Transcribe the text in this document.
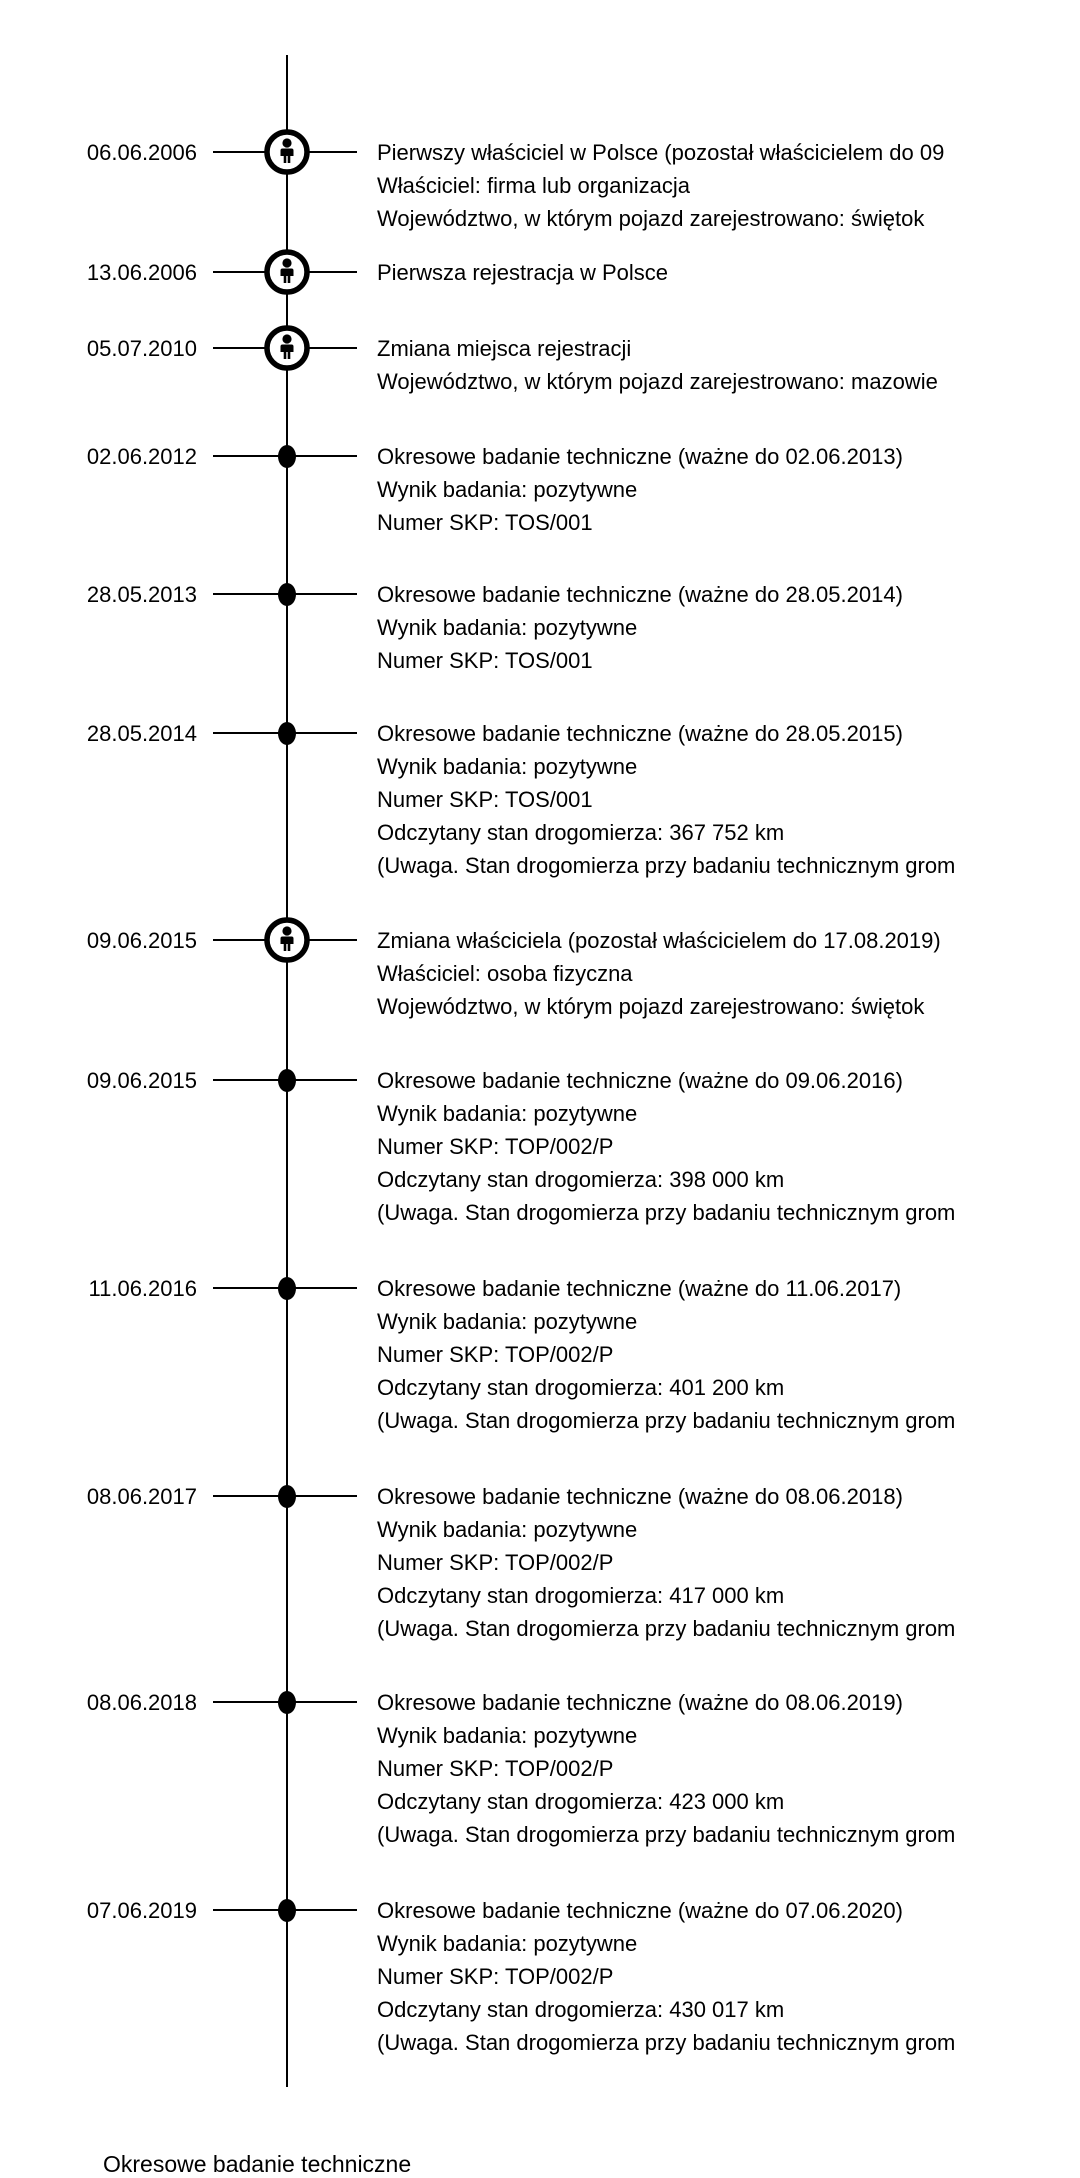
06.06.2006	Pierwszy właściciel w Polsce (pozostał właścicielem do 09
Właściciel: firma lub organizacja
Województwo, w którym pojazd zarejestrowano: świętok
13.06.2006	Pierwsza rejestracja w Polsce
05.07.2010	Zmiana miejsca rejestracji
Województwo, w którym pojazd zarejestrowano: mazowie
02.06.2012	Okresowe badanie techniczne (ważne do 02.06.2013)
Wynik badania: pozytywne
Numer SKP: TOS/001
28.05.2013	Okresowe badanie techniczne (ważne do 28.05.2014)
Wynik badania: pozytywne
Numer SKP: TOS/001
28.05.2014	Okresowe badanie techniczne (ważne do 28.05.2015)
Wynik badania: pozytywne
Numer SKP: TOS/001
Odczytany stan drogomierza: 367 752 km
(Uwaga. Stan drogomierza przy badaniu technicznym grom
09.06.2015	Zmiana właściciela (pozostał właścicielem do 17.08.2019)
Właściciel: osoba fizyczna
Województwo, w którym pojazd zarejestrowano: świętok
09.06.2015	Okresowe badanie techniczne (ważne do 09.06.2016)
Wynik badania: pozytywne
Numer SKP: TOP/002/P
Odczytany stan drogomierza: 398 000 km
(Uwaga. Stan drogomierza przy badaniu technicznym grom
11.06.2016	Okresowe badanie techniczne (ważne do 11.06.2017)
Wynik badania: pozytywne
Numer SKP: TOP/002/P
Odczytany stan drogomierza: 401 200 km
(Uwaga. Stan drogomierza przy badaniu technicznym grom
08.06.2017	Okresowe badanie techniczne (ważne do 08.06.2018)
Wynik badania: pozytywne
Numer SKP: TOP/002/P
Odczytany stan drogomierza: 417 000 km
(Uwaga. Stan drogomierza przy badaniu technicznym grom
08.06.2018	Okresowe badanie techniczne (ważne do 08.06.2019)
Wynik badania: pozytywne
Numer SKP: TOP/002/P
Odczytany stan drogomierza: 423 000 km
(Uwaga. Stan drogomierza przy badaniu technicznym grom
07.06.2019	Okresowe badanie techniczne (ważne do 07.06.2020)
Wynik badania: pozytywne
Numer SKP: TOP/002/P
Odczytany stan drogomierza: 430 017 km
(Uwaga. Stan drogomierza przy badaniu technicznym grom
Okresowe badanie techniczne
